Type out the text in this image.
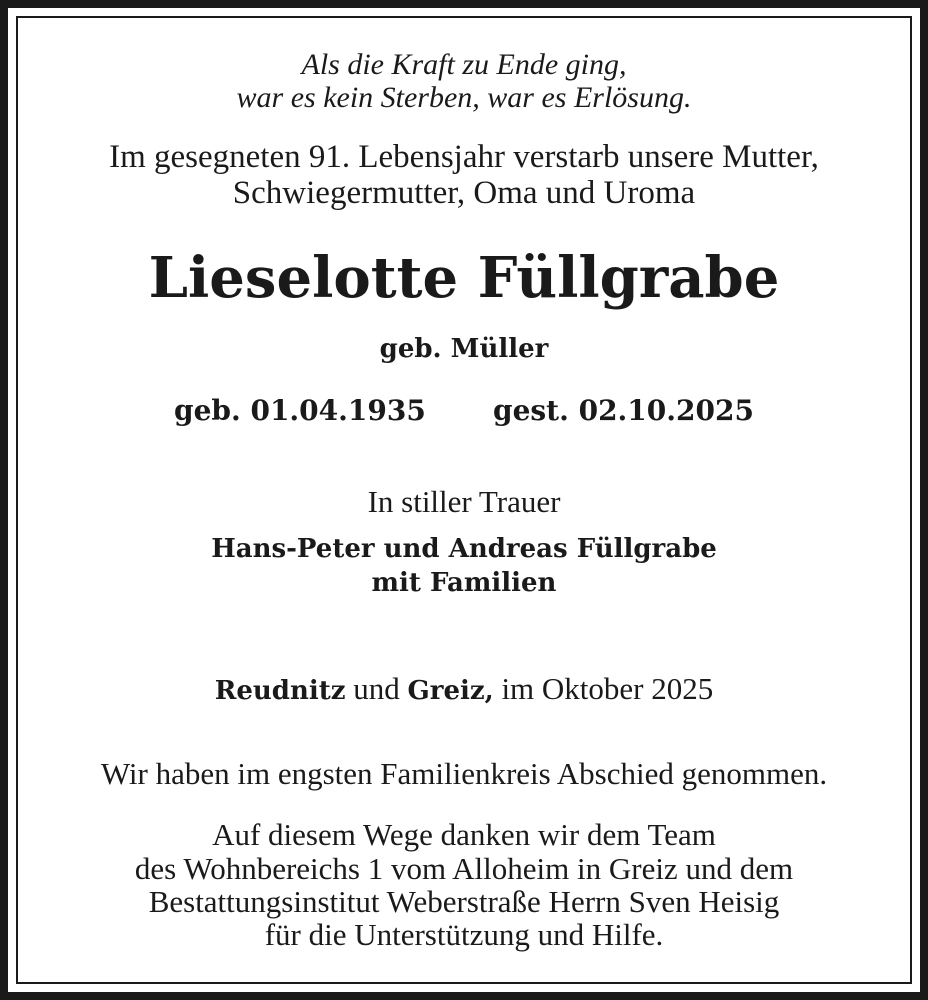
Als die Kraft zu Ende ging,
war es kein Sterben, war es Erlösung.
Im gesegneten 91. Lebensjahr verstarb unsere Mutter,
Schwiegermutter, Oma und Uroma
Lieselotte Füllgrabe
geb. Müller
geb. 01.04.1935 gest. 02.10.2025
In stiller Trauer
Hans-Peter und Andreas Füllgrabe
mit Familien
Reudnitz und Greiz, im Oktober 2025
Wir haben im engsten Familienkreis Abschied genommen.
Auf diesem Wege danken wir dem Team
des Wohnbereichs 1 vom Alloheim in Greiz und dem
Bestattungsinstitut Weberstraße Herrn Sven Heisig
für die Unterstützung und Hilfe.
